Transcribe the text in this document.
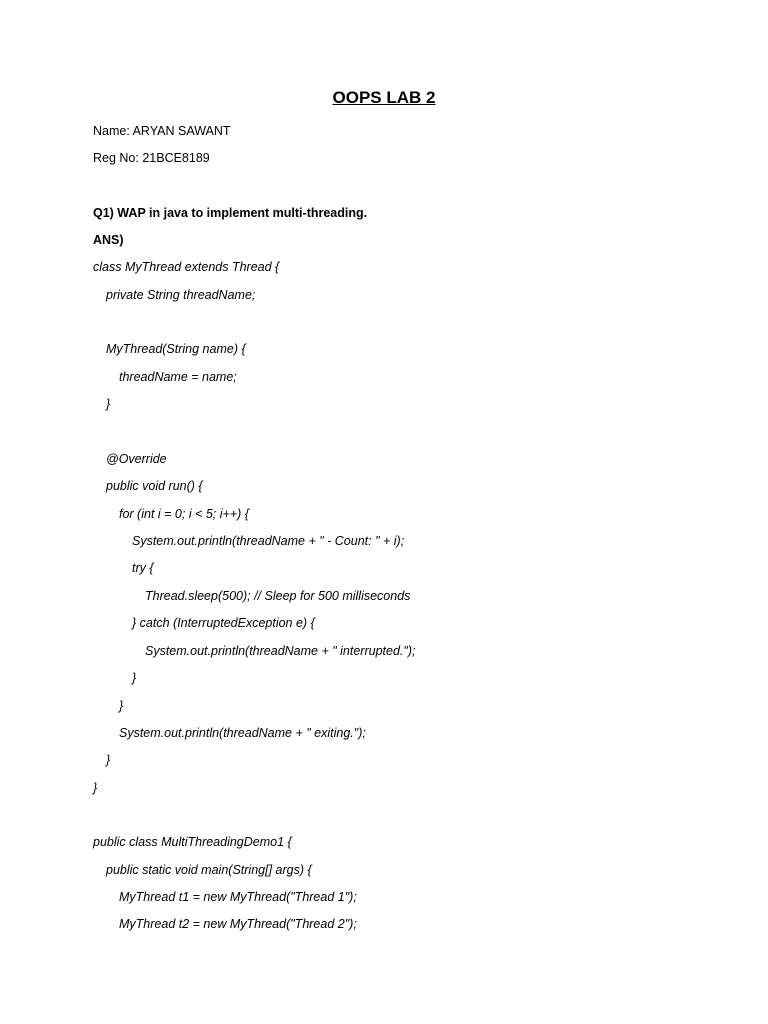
OOPS LAB 2
Name: ARYAN SAWANT
Reg No: 21BCE8189
Q1) WAP in java to implement multi-threading.
ANS)
class MyThread extends Thread {
private String threadName;
MyThread(String name) {
threadName = name;
}
@Override
public void run() {
for (int i = 0; i < 5; i++) {
System.out.println(threadName + " - Count: " + i);
try {
Thread.sleep(500); // Sleep for 500 milliseconds
} catch (InterruptedException e) {
System.out.println(threadName + " interrupted.");
}
}
System.out.println(threadName + " exiting.");
}
}
public class MultiThreadingDemo1 {
public static void main(String[] args) {
MyThread t1 = new MyThread("Thread 1");
MyThread t2 = new MyThread("Thread 2");
